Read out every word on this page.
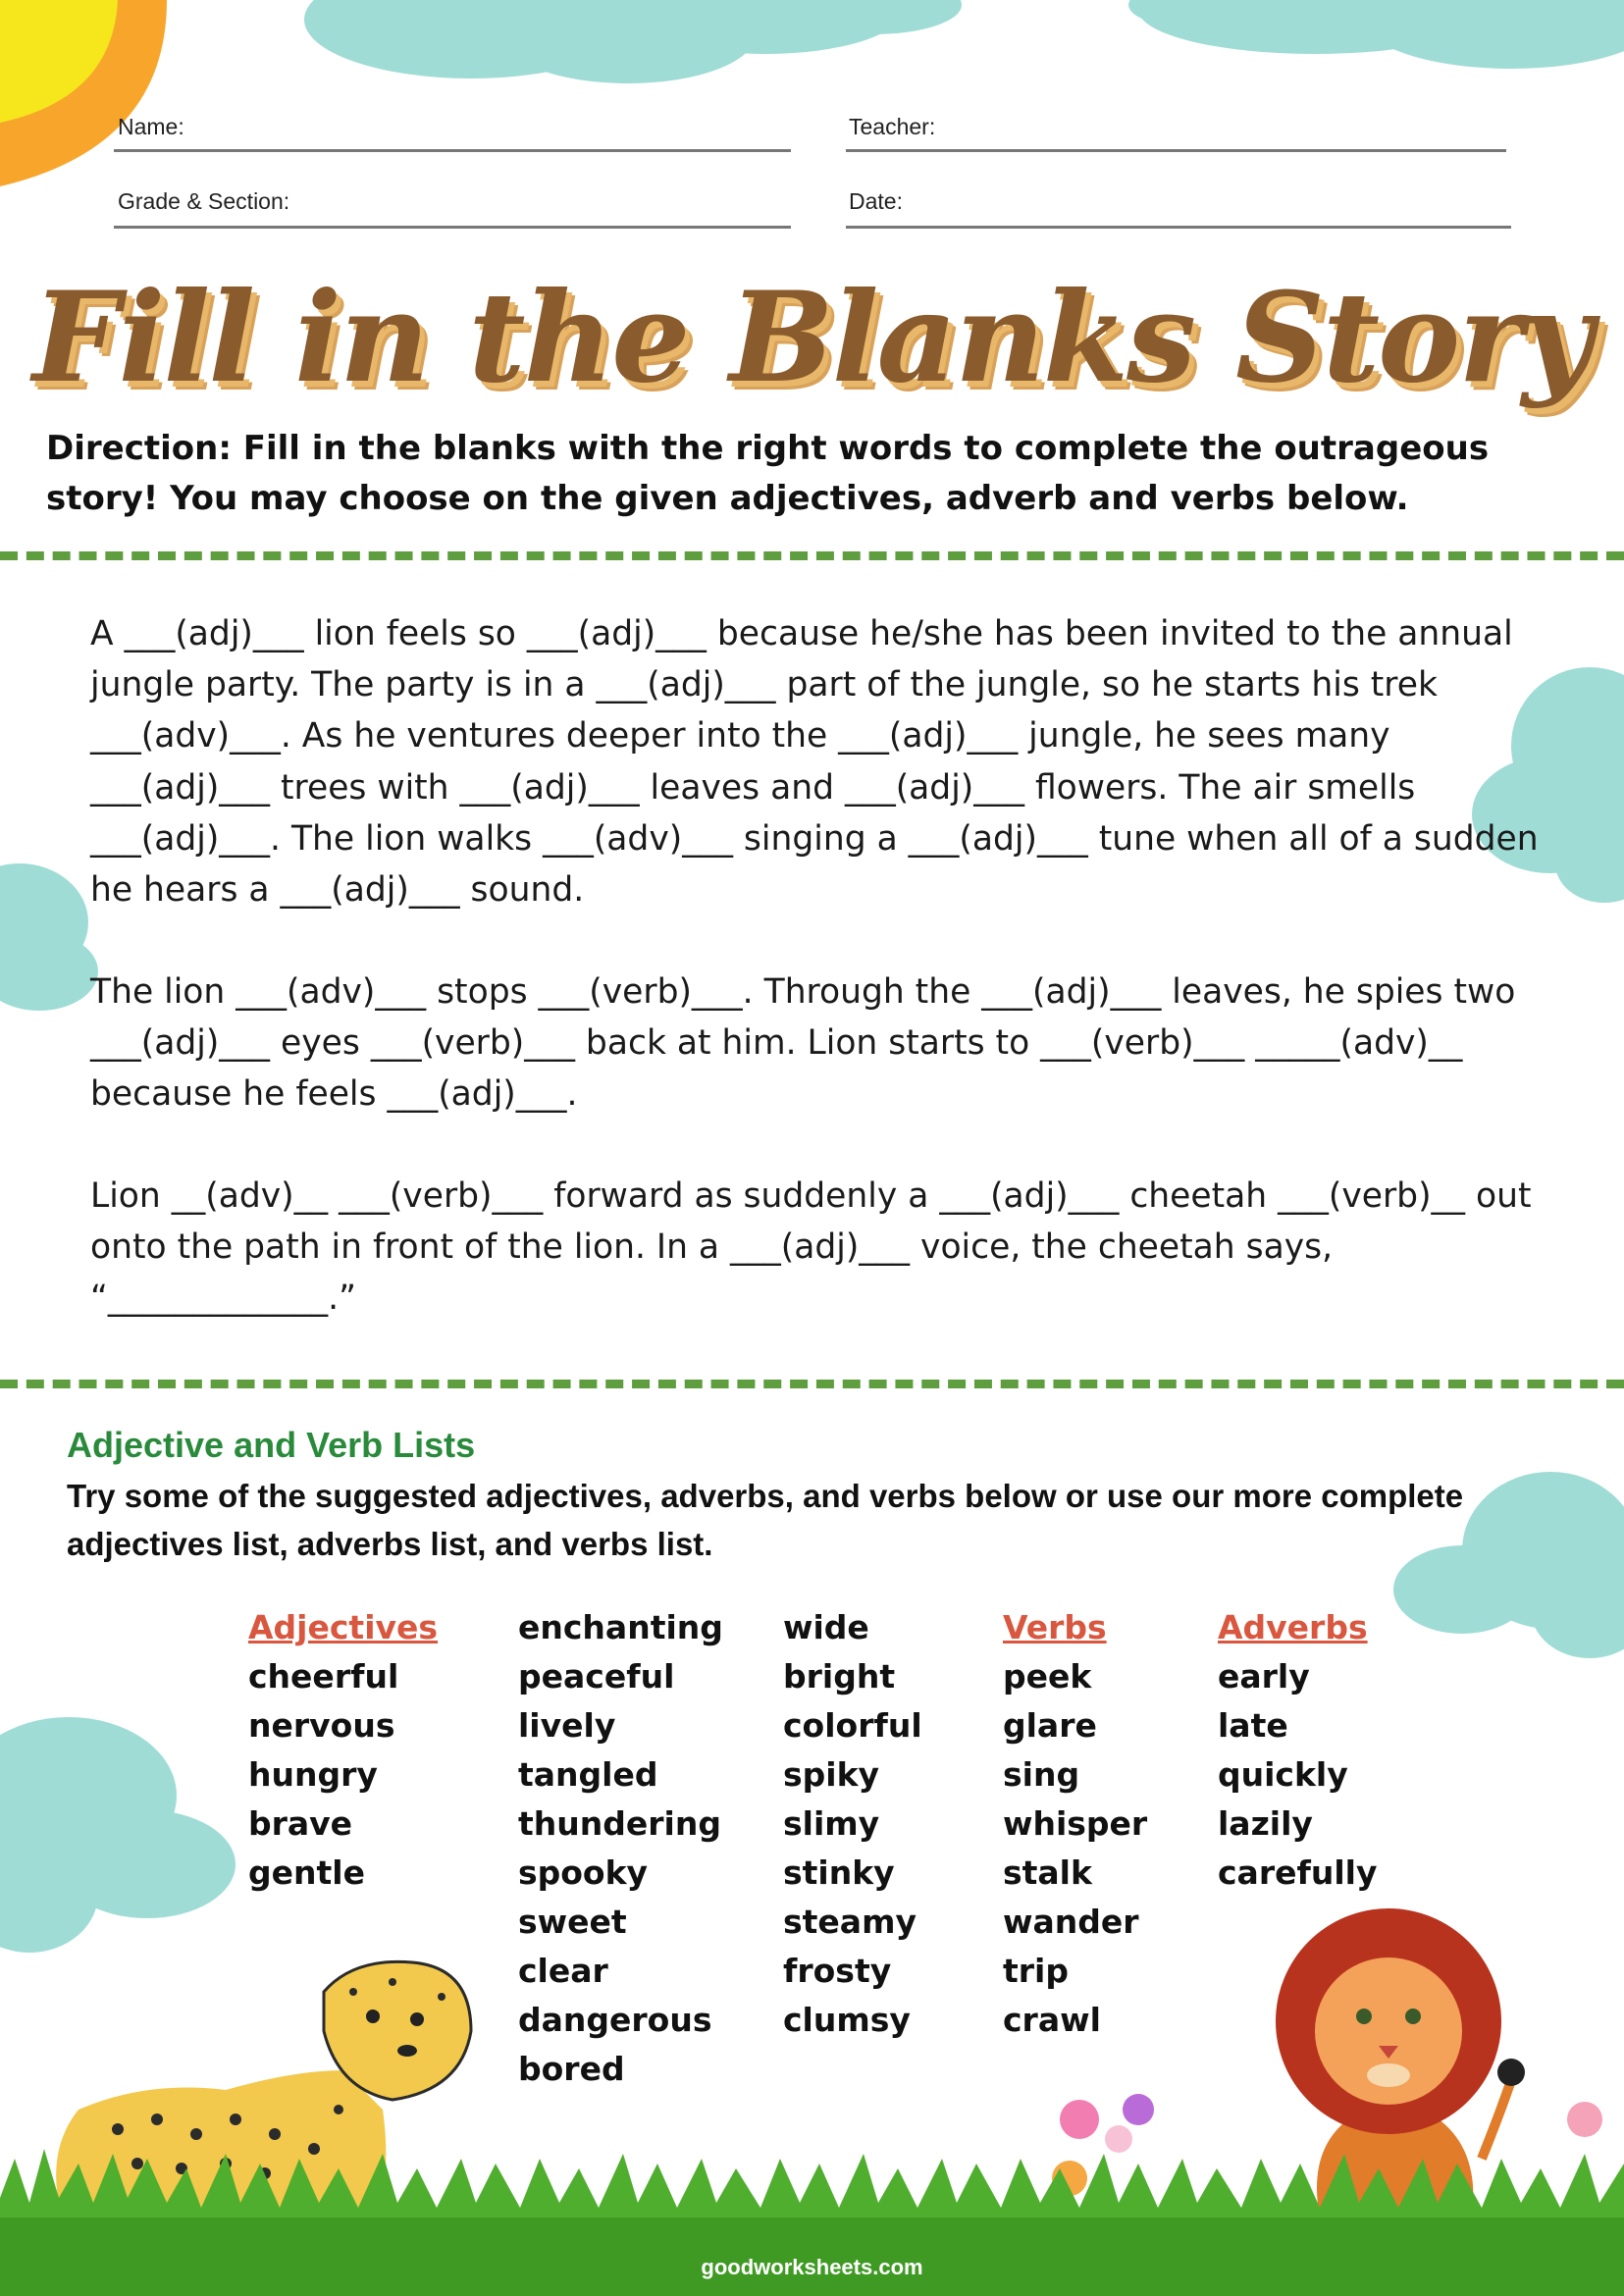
Name:	Teacher:
Grade & Section:	Date:
Fill in the Blanks Story
Direction: Fill in the blanks with the right words to complete the outrageous story! You may choose on the given adjectives, adverb and verbs below.
A ___(adj)___ lion feels so ___(adj)___ because he/she has been invited to the annual jungle party. The party is in a ___(adj)___ part of the jungle, so he starts his trek ___(adv)___. As he ventures deeper into the ___(adj)___ jungle, he sees many ___(adj)___ trees with ___(adj)___ leaves and ___(adj)___ flowers. The air smells ___(adj)___. The lion walks ___(adv)___ singing a ___(adj)___ tune when all of a sudden he hears a ___(adj)___ sound.
The lion ___(adv)___ stops ___(verb)___. Through the ___(adj)___ leaves, he spies two ___(adj)___ eyes ___(verb)___ back at him. Lion starts to ___(verb)___ _____(adv)__ because he feels ___(adj)___.
Lion __(adv)__ ___(verb)___ forward as suddenly a ___(adj)___ cheetah ___(verb)__ out onto the path in front of the lion. In a ___(adj)___ voice, the cheetah says, “_____________.”
Adjective and Verb Lists
Try some of the suggested adjectives, adverbs, and verbs below or use our more complete adjectives list, adverbs list, and verbs list.
Adjectives
cheerful
nervous
hungry
brave
gentle
enchanting
peaceful
lively
tangled
thundering
spooky
sweet
clear
dangerous
bored
wide
bright
colorful
spiky
slimy
stinky
steamy
frosty
clumsy
Verbs
peek
glare
sing
whisper
stalk
wander
trip
crawl
Adverbs
early
late
quickly
lazily
carefully
goodworksheets.com
